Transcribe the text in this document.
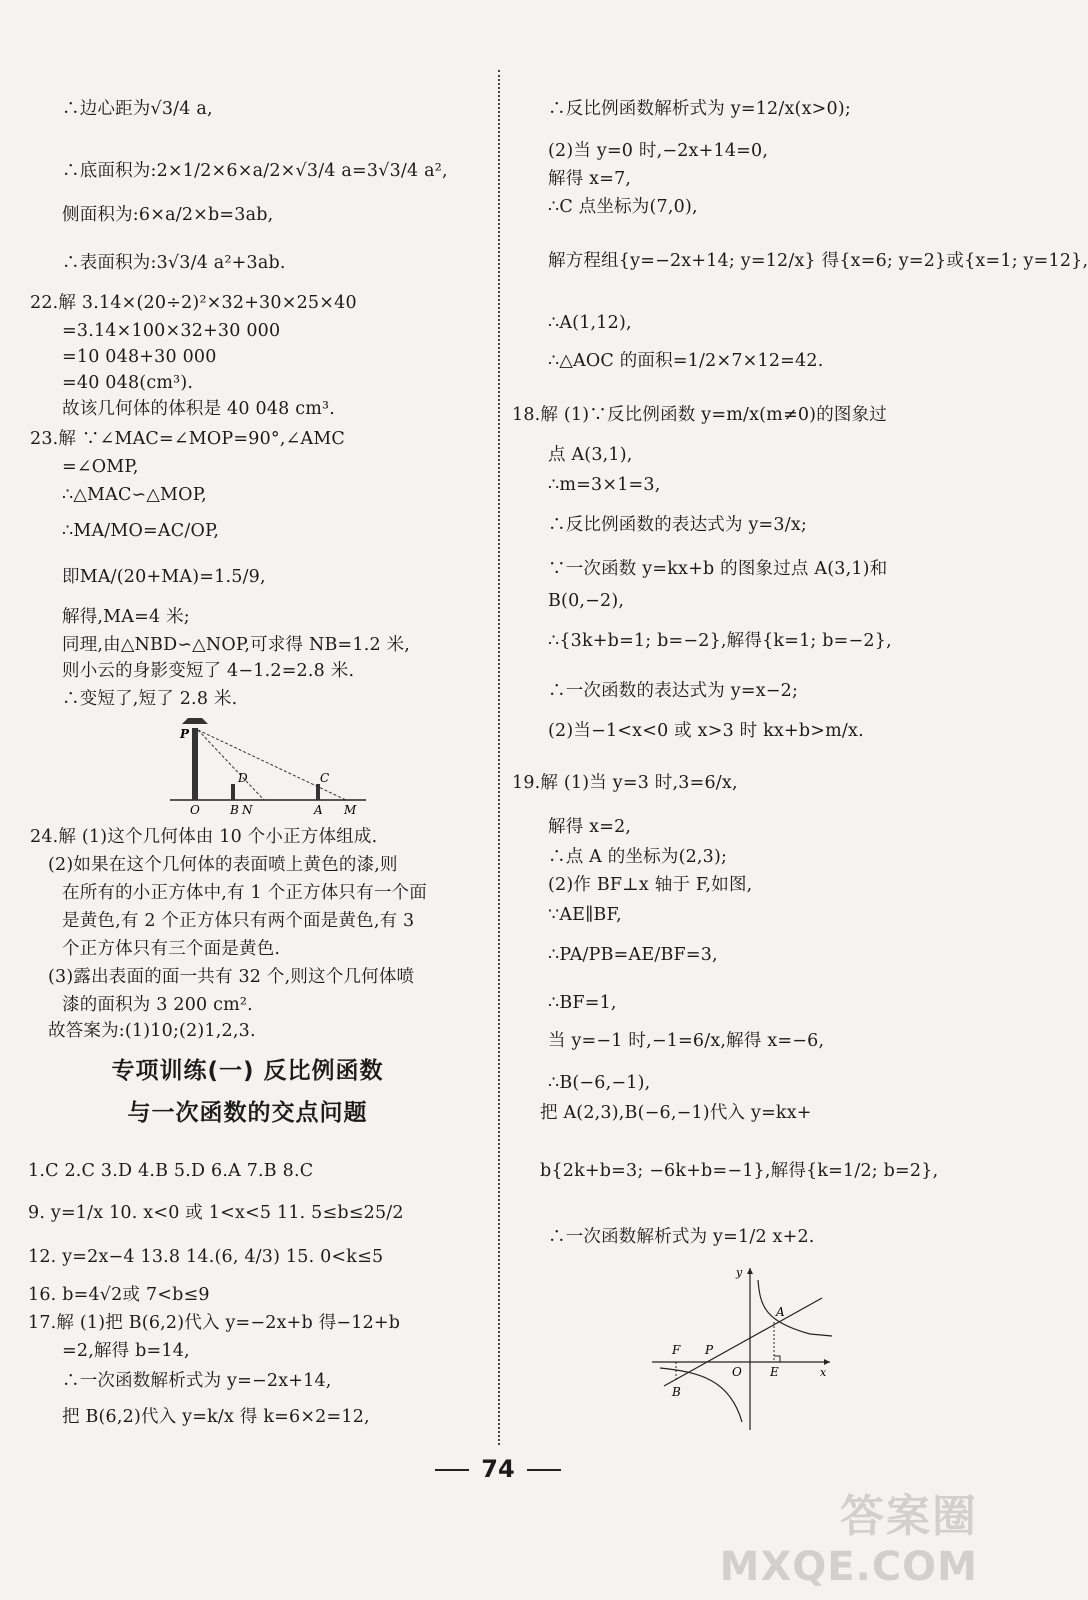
∴边心距为√3/4 a,
∴底面积为:2×1/2×6×a/2×√3/4 a=3√3/4 a²,
侧面积为:6×a/2×b=3ab,
∴表面积为:3√3/4 a²+3ab.
22.解 3.14×(20÷2)²×32+30×25×40
=3.14×100×32+30 000
=10 048+30 000
=40 048(cm³).
故该几何体的体积是 40 048 cm³.
23.解 ∵∠MAC=∠MOP=90°,∠AMC
=∠OMP,
∴△MAC∽△MOP,
∴MA/MO=AC/OP,
即MA/(20+MA)=1.5/9,
解得,MA=4 米;
同理,由△NBD∽△NOP,可求得 NB=1.2 米,
则小云的身影变短了 4−1.2=2.8 米.
∴变短了,短了 2.8 米.
24.解 (1)这个几何体由 10 个小正方体组成.
(2)如果在这个几何体的表面喷上黄色的漆,则
在所有的小正方体中,有 1 个正方体只有一个面
是黄色,有 2 个正方体只有两个面是黄色,有 3
个正方体只有三个面是黄色.
(3)露出表面的面一共有 32 个,则这个几何体喷
漆的面积为 3 200 cm².
故答案为:(1)10;(2)1,2,3.
1.C 2.C 3.D 4.B 5.D 6.A 7.B 8.C
9. y=1/x 10. x<0 或 1<x<5 11. 5≤b≤25/2
12. y=2x−4 13.8 14.(6, 4/3) 15. 0<k≤5
16. b=4√2或 7<b≤9
17.解 (1)把 B(6,2)代入 y=−2x+b 得−12+b
=2,解得 b=14,
∴一次函数解析式为 y=−2x+14,
把 B(6,2)代入 y=k/x 得 k=6×2=12,
∴反比例函数解析式为 y=12/x(x>0);
(2)当 y=0 时,−2x+14=0,
解得 x=7,
∴C 点坐标为(7,0),
解方程组{y=−2x+14; y=12/x} 得{x=6; y=2}或{x=1; y=12},
∴A(1,12),
∴△AOC 的面积=1/2×7×12=42.
18.解 (1)∵反比例函数 y=m/x(m≠0)的图象过
点 A(3,1),
∴m=3×1=3,
∴反比例函数的表达式为 y=3/x;
∵一次函数 y=kx+b 的图象过点 A(3,1)和
B(0,−2),
∴{3k+b=1; b=−2},解得{k=1; b=−2},
∴一次函数的表达式为 y=x−2;
(2)当−1<x<0 或 x>3 时 kx+b>m/x.
19.解 (1)当 y=3 时,3=6/x,
解得 x=2,
∴点 A 的坐标为(2,3);
(2)作 BF⊥x 轴于 F,如图,
∵AE∥BF,
∴PA/PB=AE/BF=3,
∴BF=1,
当 y=−1 时,−1=6/x,解得 x=−6,
∴B(−6,−1),
把 A(2,3),B(−6,−1)代入 y=kx+
b{2k+b=3; −6k+b=−1},解得{k=1/2; b=2},
∴一次函数解析式为 y=1/2 x+2.
专项训练(一) 反比例函数
与一次函数的交点问题
P
D	C
O	B N	A M
y
A
F P
O E	x
B
74
答案圈
MXQE.COM
